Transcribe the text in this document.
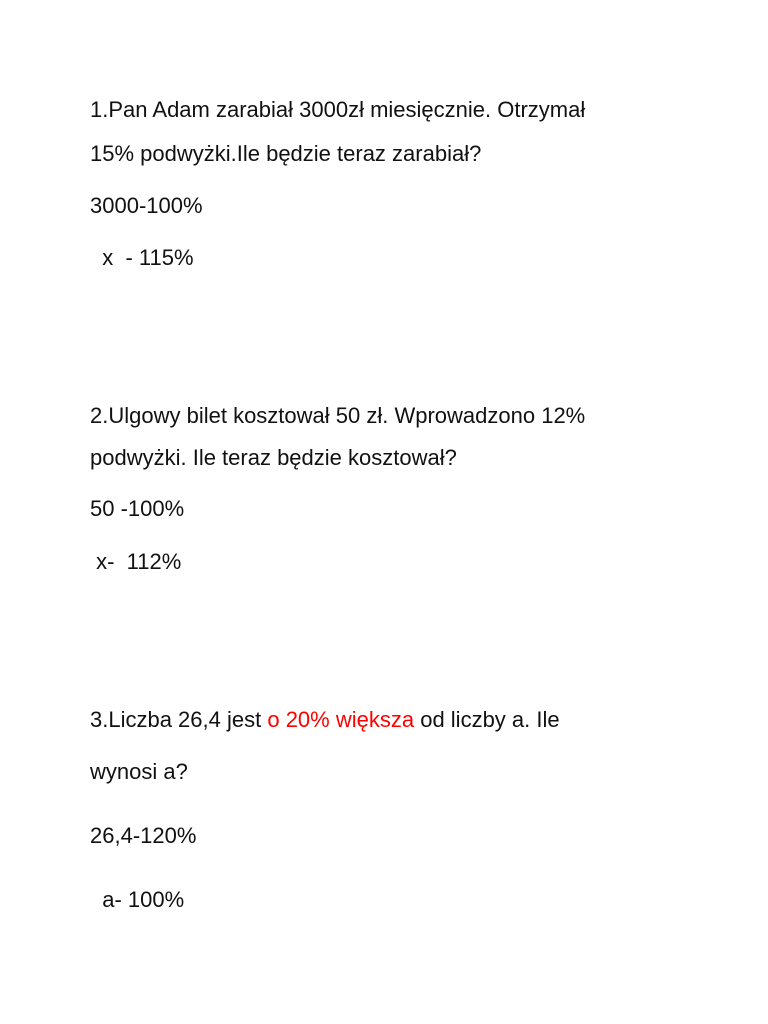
1.Pan Adam zarabiał 3000zł miesięcznie. Otrzymał

15% podwyżki.Ile będzie teraz zarabiał?

3000-100%

x  - 115%

2.Ulgowy bilet kosztował 50 zł. Wprowadzono 12%

podwyżki. Ile teraz będzie kosztował?

50 -100%

x-  112%

3.Liczba 26,4 jest o 20% większa od liczby a. Ile

wynosi a?

26,4-120%

a- 100%
